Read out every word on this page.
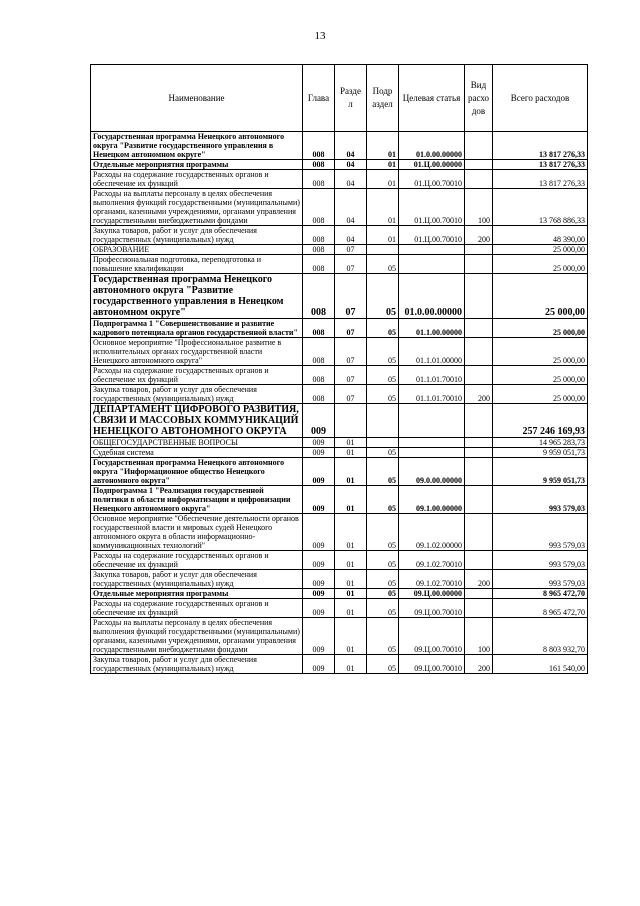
13
Наименование	Глава	Разде л	Подр аздел	Целевая статья	Вид расхо дов	Всего расходов
Государственная программа Ненецкого автономного округа "Развитие государственного управления в Ненецком автономном округе"	008	04	01	01.0.00.00000		13 817 276,33
Отдельные мероприятия программы	008	04	01	01.Ц.00.00000		13 817 276,33
Расходы на содержание государственных органов и обеспечение их функций	008	04	01	01.Ц.00.70010		13 817 276,33
Расходы на выплаты персоналу в целях обеспечения выполнения функций государственными (муниципальными) органами, казенными учреждениями, органами управления государственными внебюджетными фондами	008	04	01	01.Ц.00.70010	100	13 768 886,33
Закупка товаров, работ и услуг для обеспечения государственных (муниципальных) нужд	008	04	01	01.Ц.00.70010	200	48 390,00
ОБРАЗОВАНИЕ	008	07				25 000,00
Профессиональная подготовка, переподготовка и повышение квалификации	008	07	05			25 000,00
Государственная программа Ненецкого автономного округа "Развитие государственного управления в Ненецком автономном округе"	008	07	05	01.0.00.00000		25 000,00
Подпрограмма 1 "Совершенствование и развитие кадрового потенциала органов государственной власти"	008	07	05	01.1.00.00000		25 000,00
Основное мероприятие "Профессиональное развитие в исполнительных органах государственной власти Ненецкого автономного округа"	008	07	05	01.1.01.00000		25 000,00
Расходы на содержание государственных органов и обеспечение их функций	008	07	05	01.1.01.70010		25 000,00
Закупка товаров, работ и услуг для обеспечения государственных (муниципальных) нужд	008	07	05	01.1.01.70010	200	25 000,00
ДЕПАРТАМЕНТ ЦИФРОВОГО РАЗВИТИЯ, СВЯЗИ И МАССОВЫХ КОММУНИКАЦИЙ НЕНЕЦКОГО АВТОНОМНОГО ОКРУГА	009					257 246 169,93
ОБЩЕГОСУДАРСТВЕННЫЕ ВОПРОСЫ	009	01				14 965 283,73
Судебная система	009	01	05			9 959 051,73
Государственная программа Ненецкого автономного округа "Информационное общество Ненецкого автономного округа"	009	01	05	09.0.00.00000		9 959 051,73
Подпрограмма 1 "Реализация государственной политики в области информатизации и цифровизации Ненецкого автономного округа"	009	01	05	09.1.00.00000		993 579,03
Основное мероприятие "Обеспечение деятельности органов государственной власти и мировых судей Ненецкого автономного округа в области информационно-коммуникационных технологий"	009	01	05	09.1.02.00000		993 579,03
Расходы на содержание государственных органов и обеспечение их функций	009	01	05	09.1.02.70010		993 579,03
Закупка товаров, работ и услуг для обеспечения государственных (муниципальных) нужд	009	01	05	09.1.02.70010	200	993 579,03
Отдельные мероприятия программы	009	01	05	09.Ц.00.00000		8 965 472,70
Расходы на содержание государственных органов и обеспечение их функций	009	01	05	09.Ц.00.70010		8 965 472,70
Расходы на выплаты персоналу в целях обеспечения выполнения функций государственными (муниципальными) органами, казенными учреждениями, органами управления государственными внебюджетными фондами	009	01	05	09.Ц.00.70010	100	8 803 932,70
Закупка товаров, работ и услуг для обеспечения государственных (муниципальных) нужд	009	01	05	09.Ц.00.70010	200	161 540,00
